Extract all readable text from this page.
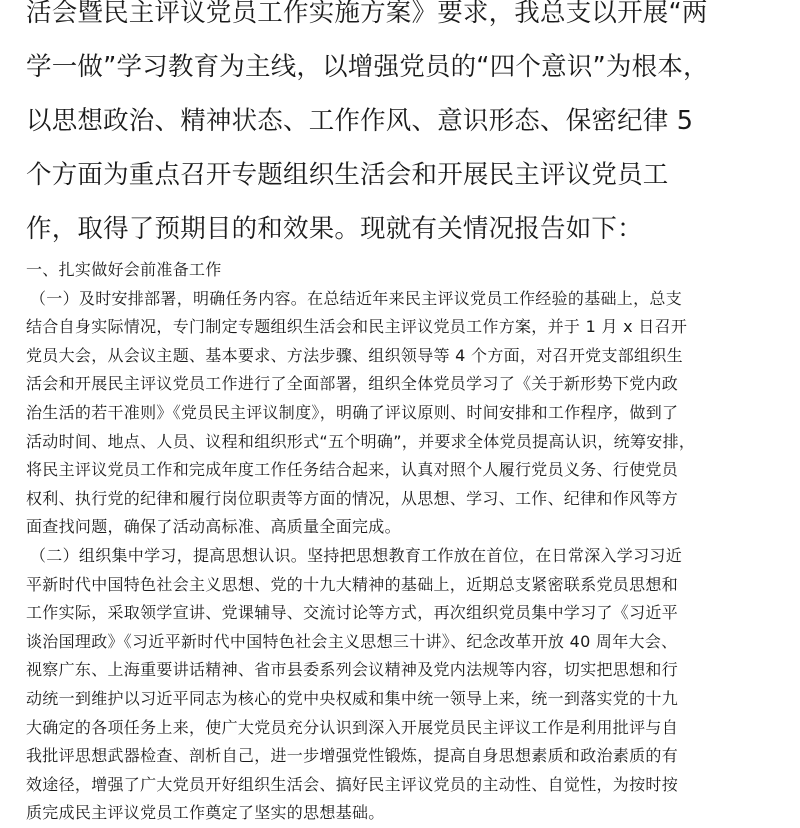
活会暨民主评议党员工作实施方案》要求，我总支以开展“两
学一做”学习教育为主线，以增强党员的“四个意识”为根本，
以思想政治、精神状态、工作作风、意识形态、保密纪律 5
个方面为重点召开专题组织生活会和开展民主评议党员工
作，取得了预期目的和效果。现就有关情况报告如下：
一、扎实做好会前准备工作
（一）及时安排部署，明确任务内容。在总结近年来民主评议党员工作经验的基础上，总支
结合自身实际情况，专门制定专题组织生活会和民主评议党员工作方案，并于 1 月 x 日召开
党员大会，从会议主题、基本要求、方法步骤、组织领导等 4 个方面，对召开党支部组织生
活会和开展民主评议党员工作进行了全面部署，组织全体党员学习了《关于新形势下党内政
治生活的若干准则》《党员民主评议制度》，明确了评议原则、时间安排和工作程序，做到了
活动时间、地点、人员、议程和组织形式“五个明确”，并要求全体党员提高认识，统筹安排，
将民主评议党员工作和完成年度工作任务结合起来，认真对照个人履行党员义务、行使党员
权利、执行党的纪律和履行岗位职责等方面的情况，从思想、学习、工作、纪律和作风等方
面查找问题，确保了活动高标准、高质量全面完成。
（二）组织集中学习，提高思想认识。坚持把思想教育工作放在首位，在日常深入学习习近
平新时代中国特色社会主义思想、党的十九大精神的基础上，近期总支紧密联系党员思想和
工作实际，采取领学宣讲、党课辅导、交流讨论等方式，再次组织党员集中学习了《习近平
谈治国理政》《习近平新时代中国特色社会主义思想三十讲》、纪念改革开放 40 周年大会、
视察广东、上海重要讲话精神、省市县委系列会议精神及党内法规等内容，切实把思想和行
动统一到维护以习近平同志为核心的党中央权威和集中统一领导上来，统一到落实党的十九
大确定的各项任务上来，使广大党员充分认识到深入开展党员民主评议工作是利用批评与自
我批评思想武器检查、剖析自己，进一步增强党性锻炼，提高自身思想素质和政治素质的有
效途径，增强了广大党员开好组织生活会、搞好民主评议党员的主动性、自觉性，为按时按
质完成民主评议党员工作奠定了坚实的思想基础。
